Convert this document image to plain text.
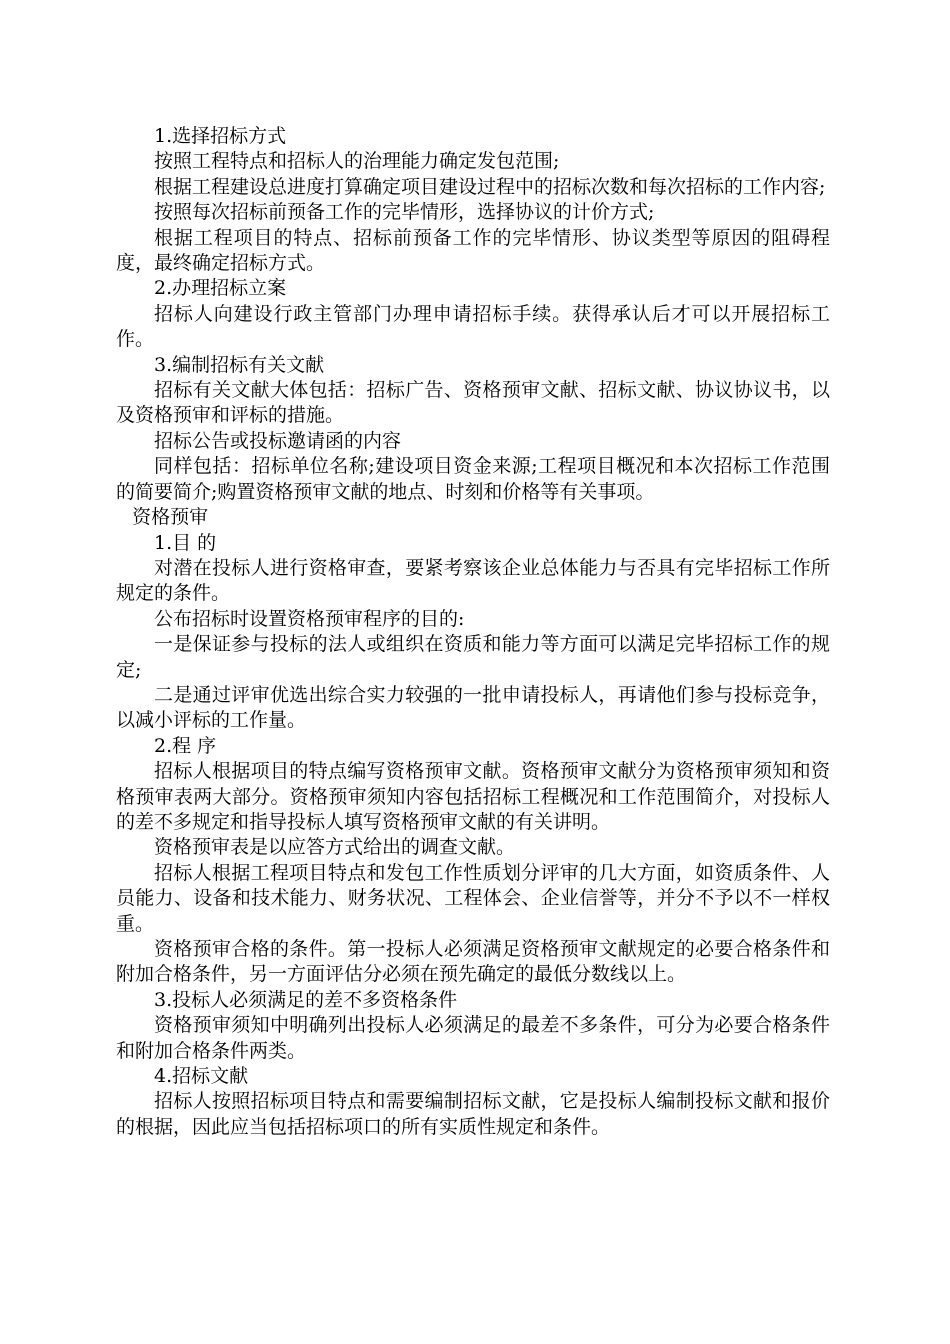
1.选择招标方式

按照工程特点和招标人的治理能力确定发包范围;

根据工程建设总进度打算确定项目建设过程中的招标次数和每次招标的工作内容;

按照每次招标前预备工作的完毕情形，选择协议的计价方式;

根据工程项目的特点、招标前预备工作的完毕情形、协议类型等原因的阻碍程度，最终确定招标方式。

2.办理招标立案

招标人向建设行政主管部门办理申请招标手续。获得承认后才可以开展招标工作。

3.编制招标有关文献

招标有关文献大体包括：招标广告、资格预审文献、招标文献、协议协议书，以及资格预审和评标的措施。

招标公告或投标邀请函的内容

同样包括：招标单位名称;建设项目资金来源;工程项目概况和本次招标工作范围的简要简介;购置资格预审文献的地点、时刻和价格等有关事项。

资格预审

1.目 的

对潜在投标人进行资格审查，要紧考察该企业总体能力与否具有完毕招标工作所规定的条件。

公布招标时设置资格预审程序的目的:

一是保证参与投标的法人或组织在资质和能力等方面可以满足完毕招标工作的规定;

二是通过评审优选出综合实力较强的一批申请投标人，再请他们参与投标竞争，以减小评标的工作量。

2.程 序

招标人根据项目的特点编写资格预审文献。资格预审文献分为资格预审须知和资格预审表两大部分。资格预审须知内容包括招标工程概况和工作范围简介，对投标人的差不多规定和指导投标人填写资格预审文献的有关讲明。

资格预审表是以应答方式给出的调查文献。

招标人根据工程项目特点和发包工作性质划分评审的几大方面，如资质条件、人员能力、设备和技术能力、财务状况、工程体会、企业信誉等，并分不予以不一样权重。

资格预审合格的条件。第一投标人必须满足资格预审文献规定的必要合格条件和附加合格条件，另一方面评估分必须在预先确定的最低分数线以上。

3.投标人必须满足的差不多资格条件

资格预审须知中明确列出投标人必须满足的最差不多条件，可分为必要合格条件和附加合格条件两类。

4.招标文献

招标人按照招标项目特点和需要编制招标文献，它是投标人编制投标文献和报价的根据，因此应当包括招标项口的所有实质性规定和条件。
